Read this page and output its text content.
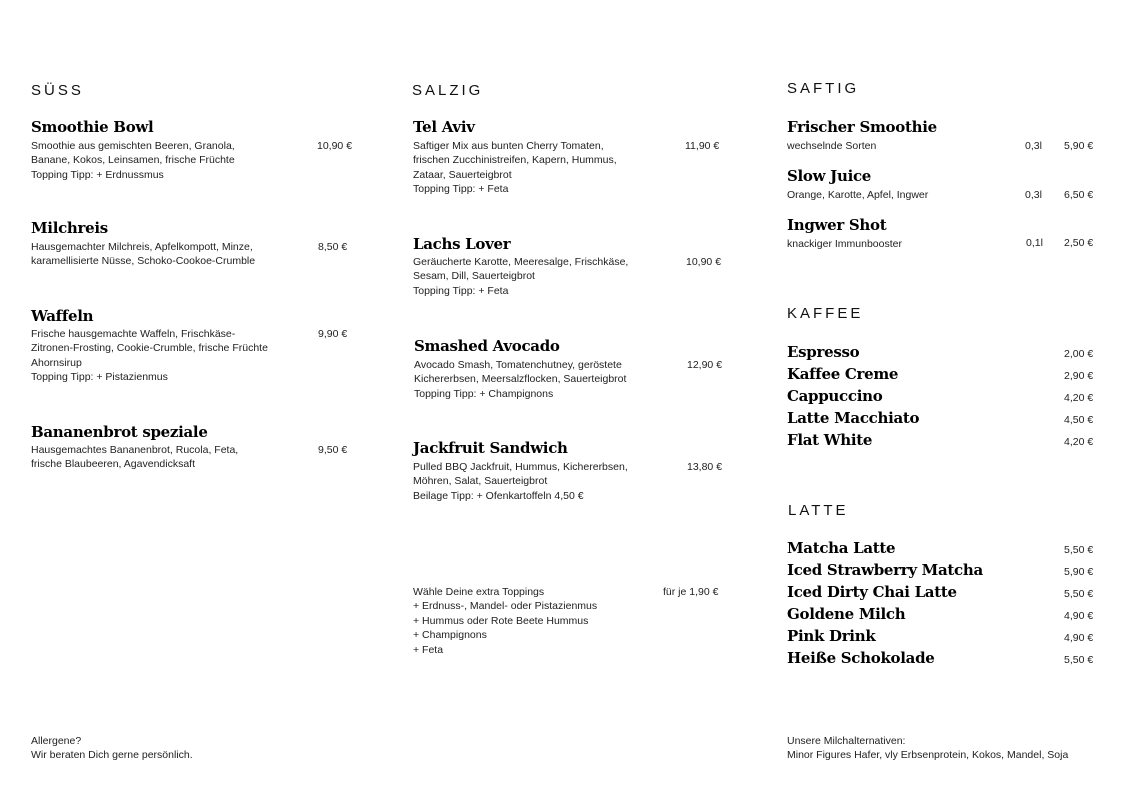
SÜSS
Smoothie Bowl
10,90 €
Smoothie aus gemischten Beeren, Granola,
Banane, Kokos, Leinsamen, frische Früchte
Topping Tipp: + Erdnussmus
Milchreis
8,50 €
Hausgemachter Milchreis, Apfelkompott, Minze,
karamellisierte Nüsse, Schoko-Cookoe-Crumble
Waffeln
9,90 €
Frische hausgemachte Waffeln, Frischkäse-
Zitronen-Frosting, Cookie-Crumble, frische Früchte
Ahornsirup
Topping Tipp: + Pistazienmus
Bananenbrot speziale
9,50 €
Hausgemachtes Bananenbrot, Rucola, Feta,
frische Blaubeeren, Agavendicksaft
SALZIG
Tel Aviv
11,90 €
Saftiger Mix aus bunten Cherry Tomaten,
frischen Zucchinistreifen, Kapern, Hummus,
Zataar, Sauerteigbrot
Topping Tipp: + Feta
Lachs Lover
10,90 €
Geräucherte Karotte, Meeresalge, Frischkäse,
Sesam, Dill, Sauerteigbrot
Topping Tipp: + Feta
Smashed Avocado
12,90 €
Avocado Smash, Tomatenchutney, geröstete
Kichererbsen, Meersalzflocken, Sauerteigbrot
Topping Tipp: + Champignons
Jackfruit Sandwich
13,80 €
Pulled BBQ Jackfruit, Hummus, Kichererbsen,
Möhren, Salat, Sauerteigbrot
Beilage Tipp: + Ofenkartoffeln 4,50 €
für je 1,90 €
Wähle Deine extra Toppings
+ Erdnuss-, Mandel- oder Pistazienmus
+ Hummus oder Rote Beete Hummus
+ Champignons
+ Feta
SAFTIG
Frischer Smoothie
wechselnde Sorten	0,3l 5,90 €
Slow Juice
Orange, Karotte, Apfel, Ingwer	0,3l 6,50 €
Ingwer Shot
knackiger Immunbooster	0,1l 2,50 €
KAFFEE
Espresso	2,00 €
Kaffee Creme	2,90 €
Cappuccino	4,20 €
Latte Macchiato	4,50 €
Flat White	4,20 €
LATTE
Matcha Latte	5,50 €
Iced Strawberry Matcha	5,90 €
Iced Dirty Chai Latte	5,50 €
Goldene Milch	4,90 €
Pink Drink	4,90 €
Heiße Schokolade	5,50 €
Allergene?
Wir beraten Dich gerne persönlich.
Unsere Milchalternativen:
Minor Figures Hafer, vly Erbsenprotein, Kokos, Mandel, Soja
